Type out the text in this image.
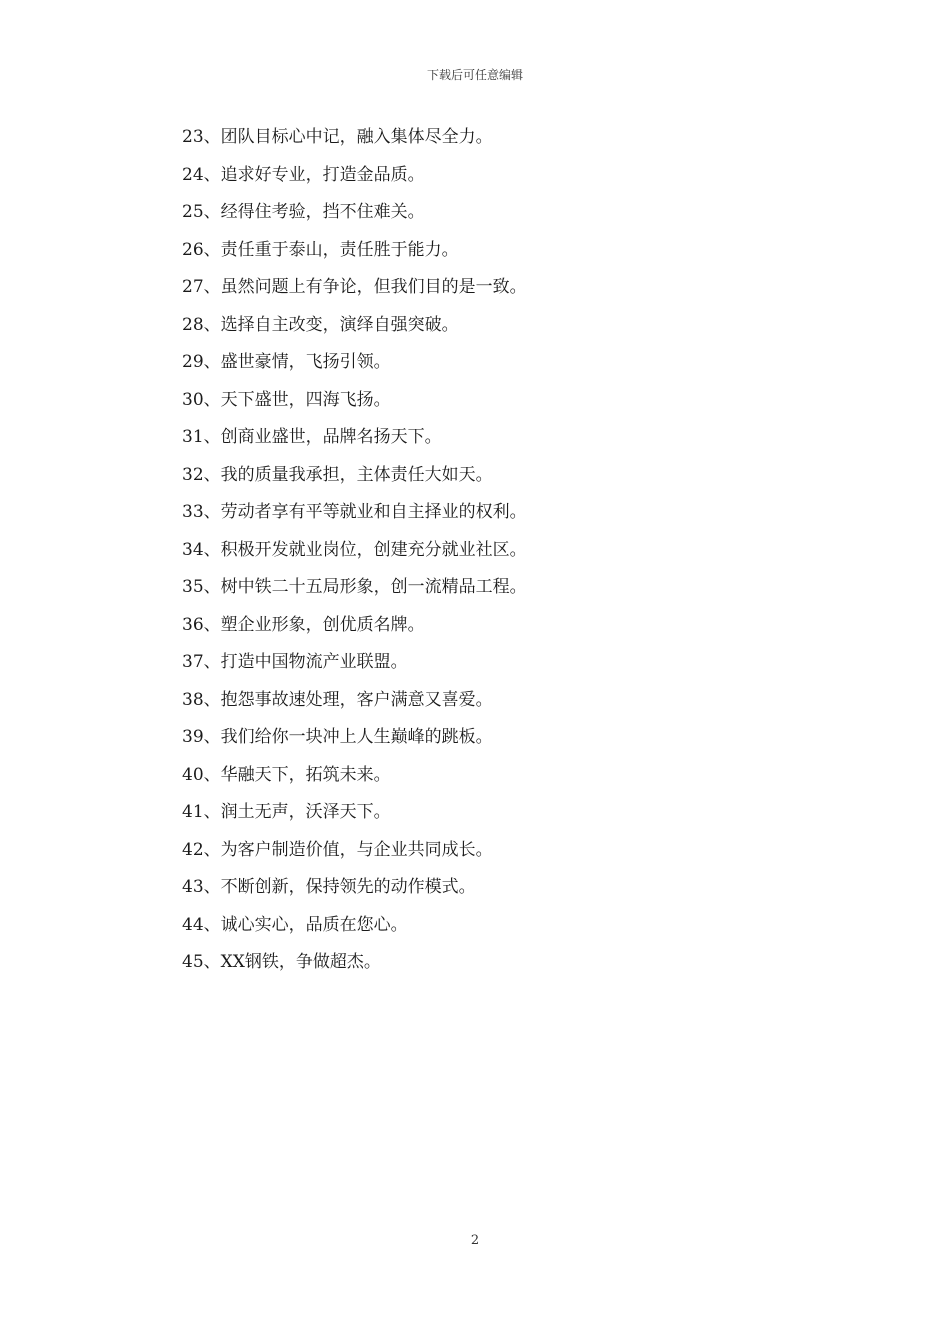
下载后可任意编辑
23、团队目标心中记，融入集体尽全力。
24、追求好专业，打造金品质。
25、经得住考验，挡不住难关。
26、责任重于泰山，责任胜于能力。
27、虽然问题上有争论，但我们目的是一致。
28、选择自主改变，演绎自强突破。
29、盛世豪情，飞扬引领。
30、天下盛世，四海飞扬。
31、创商业盛世，品牌名扬天下。
32、我的质量我承担，主体责任大如天。
33、劳动者享有平等就业和自主择业的权利。
34、积极开发就业岗位，创建充分就业社区。
35、树中铁二十五局形象，创一流精品工程。
36、塑企业形象，创优质名牌。
37、打造中国物流产业联盟。
38、抱怨事故速处理，客户满意又喜爱。
39、我们给你一块冲上人生巅峰的跳板。
40、华融天下，拓筑未来。
41、润土无声，沃泽天下。
42、为客户制造价值，与企业共同成长。
43、不断创新，保持领先的动作模式。
44、诚心实心，品质在您心。
45、XX钢铁，争做超杰。
2
